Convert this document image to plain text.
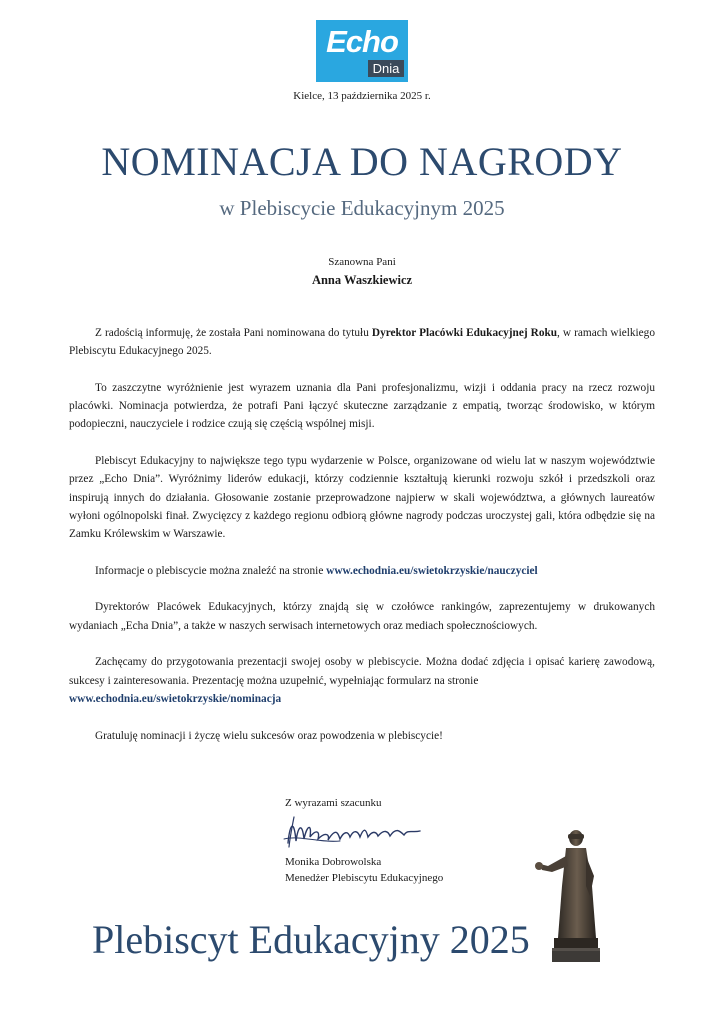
Echo
Dnia
Kielce, 13 października 2025 r.
NOMINACJA DO NAGRODY
w Plebiscycie Edukacyjnym 2025
Szanowna Pani
Anna Waszkiewicz

Z radością informuję, że została Pani nominowana do tytułu Dyrektor Placówki Edukacyjnej Roku, w ramach wielkiego Plebiscytu Edukacyjnego 2025.

To zaszczytne wyróżnienie jest wyrazem uznania dla Pani profesjonalizmu, wizji i oddania pracy na rzecz rozwoju placówki. Nominacja potwierdza, że potrafi Pani łączyć skuteczne zarządzanie z empatią, tworząc środowisko, w którym podopieczni, nauczyciele i rodzice czują się częścią wspólnej misji.

Plebiscyt Edukacyjny to największe tego typu wydarzenie w Polsce, organizowane od wielu lat w naszym województwie przez „Echo Dnia”. Wyróżnimy liderów edukacji, którzy codziennie kształtują kierunki rozwoju szkół i przedszkoli oraz inspirują innych do działania. Głosowanie zostanie przeprowadzone najpierw w skali województwa, a głównych laureatów wyłoni ogólnopolski finał. Zwycięzcy z każdego regionu odbiorą główne nagrody podczas uroczystej gali, która odbędzie się na Zamku Królewskim w Warszawie.

Informacje o plebiscycie można znaleźć na stronie www.echodnia.eu/swietokrzyskie/nauczyciel

Dyrektorów Placówek Edukacyjnych, którzy znajdą się w czołówce rankingów, zaprezentujemy w drukowanych wydaniach „Echa Dnia”, a także w naszych serwisach internetowych oraz mediach społecznościowych.

Zachęcamy do przygotowania prezentacji swojej osoby w plebiscycie. Można dodać zdjęcia i opisać karierę zawodową, sukcesy i zainteresowania. Prezentację można uzupełnić, wypełniając formularz na stronie
www.echodnia.eu/swietokrzyskie/nominacja

Gratuluję nominacji i życzę wielu sukcesów oraz powodzenia w plebiscycie!

Z wyrazami szacunku
Monika Dobrowolska
Menedżer Plebiscytu Edukacyjnego
Plebiscyt Edukacyjny 2025
